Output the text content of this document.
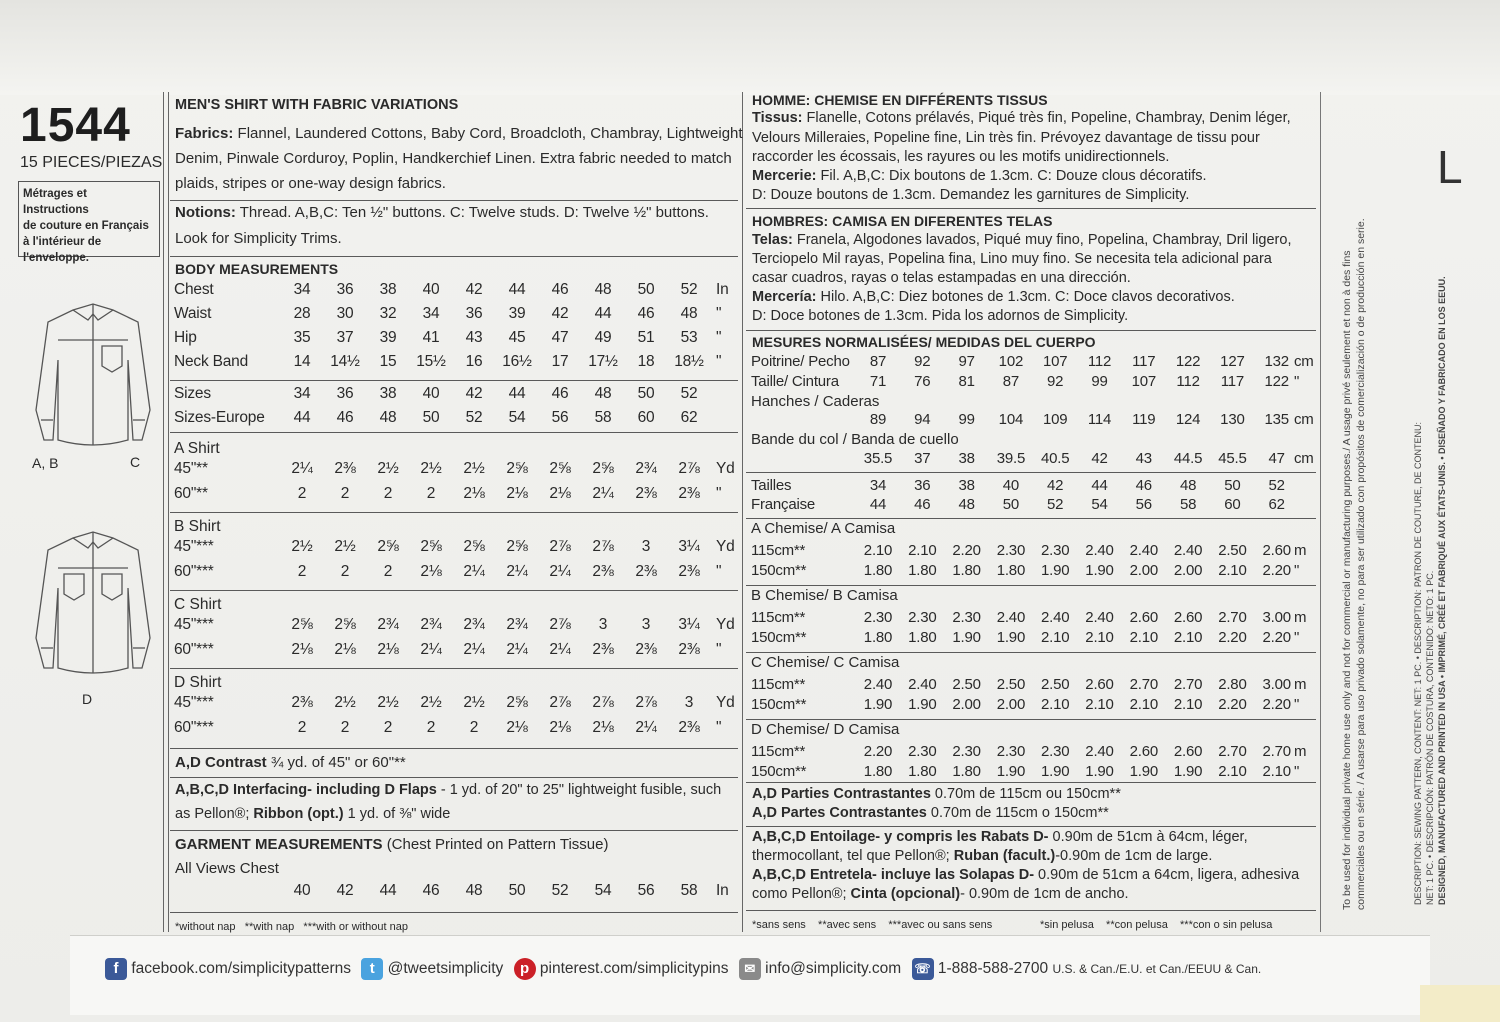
1544
15 PIECES/PIEZAS
Métrages et Instructions
de couture en Français
à l'intérieur de
l'enveloppe.
A, B	C
D
MEN'S SHIRT WITH FABRIC VARIATIONS
Fabrics: Flannel, Laundered Cottons, Baby Cord, Broadcloth, Chambray, Lightweight
Denim, Pinwale Corduroy, Poplin, Handkerchief Linen. Extra fabric needed to match
plaids, stripes or one-way design fabrics.
Notions: Thread. A,B,C: Ten ½" buttons. C: Twelve studs. D: Twelve ½" buttons.
Look for Simplicity Trims.
BODY MEASUREMENTS
Chest	34	36	38	40	42	44	46	48	50	52	In
Waist	28	30	32	34	36	39	42	44	46	48	"
Hip	35	37	39	41	43	45	47	49	51	53	"
Neck Band	14	14½	15	15½	16	16½	17	17½	18	18½ "
Sizes	34	36	38	40	42	44	46	48	50	52
Sizes-Europe	44	46	48	50	52	54	56	58	60	62
A Shirt
45"**	2¼	2⅜	2½	2½	2½	2⅝	2⅝	2⅝	2¾	2⅞	Yd
60"**	2	2	2	2	2⅛	2⅛	2⅛	2¼	2⅜	2⅜	"
B Shirt
45"***	2½	2½	2⅝	2⅝	2⅝	2⅝	2⅞	2⅞	3	3¼	Yd
60"***	2	2	2	2⅛	2¼	2¼	2¼	2⅜	2⅜	2⅜	"
C Shirt
45"***	2⅝	2⅝	2¾	2¾	2¾	2¾	2⅞	3	3	3¼	Yd
60"***	2⅛	2⅛	2⅛	2¼	2¼	2¼	2¼	2⅜	2⅜	2⅜	"
D Shirt
45"***	2⅜	2½	2½	2½	2½	2⅝	2⅞	2⅞	2⅞	3	Yd
60"***	2	2	2	2	2	2⅛	2⅛	2⅛	2¼	2⅜	"
A,D Contrast ¾ yd. of 45" or 60"**
A,B,C,D Interfacing- including D Flaps - 1 yd. of 20" to 25" lightweight fusible, such
as Pellon®; Ribbon (opt.) 1 yd. of ⅜" wide
GARMENT MEASUREMENTS (Chest Printed on Pattern Tissue)
All Views Chest
40	42	44	46	48	50	52	54	56	58	In
*without nap   **with nap   ***with or without nap
HOMME: CHEMISE EN DIFFÉRENTS TISSUS
Tissus: Flanelle, Cotons prélavés, Piqué très fin, Popeline, Chambray, Denim léger,
Velours Milleraies, Popeline fine, Lin très fin. Prévoyez davantage de tissu pour
raccorder les écossais, les rayures ou les motifs unidirectionnels.
Mercerie: Fil. A,B,C: Dix boutons de 1.3cm. C: Douze clous décoratifs.
D: Douze boutons de 1.3cm. Demandez les garnitures de Simplicity.
HOMBRES: CAMISA EN DIFERENTES TELAS
Telas: Franela, Algodones lavados, Piqué muy fino, Popelina, Chambray, Dril ligero,
Terciopelo Mil rayas, Popelina fina, Lino muy fino. Se necesita tela adicional para
casar cuadros, rayas o telas estampadas en una dirección.
Mercería: Hilo. A,B,C: Diez botones de 1.3cm. C: Doce clavos decorativos.
D: Doce botones de 1.3cm. Pida los adornos de Simplicity.
MESURES NORMALISÉES/ MEDIDAS DEL CUERPO
Poitrine/ Pecho	87	92	97	102	107	112	117	122	127	132 cm
Taille/ Cintura	71	76	81	87	92	99	107	112	117	122 "
Hanches / Caderas
89	94	99	104	109	114	119	124	130	135 cm
Bande du col / Banda de cuello
35.5	37	38	39.5	40.5	42	43	44.5	45.5	47 cm
Tailles	34	36	38	40	42	44	46	48	50	52
Française	44	46	48	50	52	54	56	58	60	62
A Chemise/ A Camisa
115cm**	2.10	2.10	2.20	2.30	2.30	2.40	2.40	2.40	2.50	2.60 m
150cm**	1.80	1.80	1.80	1.80	1.90	1.90	2.00	2.00	2.10	2.20 "
B Chemise/ B Camisa
115cm**	2.30	2.30	2.30	2.40	2.40	2.40	2.60	2.60	2.70	3.00 m
150cm**	1.80	1.80	1.90	1.90	2.10	2.10	2.10	2.10	2.20	2.20 "
C Chemise/ C Camisa
115cm**	2.40	2.40	2.50	2.50	2.50	2.60	2.70	2.70	2.80	3.00 m
150cm**	1.90	1.90	2.00	2.00	2.10	2.10	2.10	2.10	2.20	2.20 "
D Chemise/ D Camisa
115cm**	2.20	2.30	2.30	2.30	2.30	2.40	2.60	2.60	2.70	2.70 m
150cm**	1.80	1.80	1.80	1.90	1.90	1.90	1.90	1.90	2.10	2.10 "
A,D Parties Contrastantes 0.70m de 115cm ou 150cm**
A,D Partes Contrastantes 0.70m de 115cm o 150cm**
A,B,C,D Entoilage- y compris les Rabats D- 0.90m de 51cm à 64cm, léger,
thermocollant, tel que Pellon®; Ruban (facult.)-0.90m de 1cm de large.
A,B,C,D Entretela- incluye las Solapas D- 0.90m de 51cm a 64cm, ligera, adhesiva
como Pellon®; Cinta (opcional)- 0.90m de 1cm de ancho.
*sans sens    **avec sens    ***avec ou sans sens	*sin pelusa    **con pelusa    ***con o sin pelusa
L
To be used for individual private home use only and not for commercial or manufacturing purposes./ A usage privé seulement et non à des fins commerciales ou en série. / A usarse para uso privado solamente, no para ser utilizado con propósitos de comercialización o de producción en serie.	DESCRIPTION: SEWING PATTERN, CONTENT: NET: 1 PC. • DESCRIPTION: PATRON DE COUTURE, DE CONTENU: NET: 1 PC. • DESCRIPCIÓN: PATRÓN DE COSTURA, CONTENIDO: NETO: 1 PC. DESIGNED, MANUFACTURED AND PRINTED IN USA • IMPRIMÉ, CRÉÉ ET FABRIQUÉ AUX ÉTATS-UNIS. • DISEÑADO Y FABRICADO EN LOS EEUU.
f facebook.com/simplicitypatterns t @tweetsimplicity p pinterest.com/simplicitypins ✉ info@simplicity.com ☏ 1-888-588-2700 U.S. & Can./E.U. et Can./EEUU & Can.
